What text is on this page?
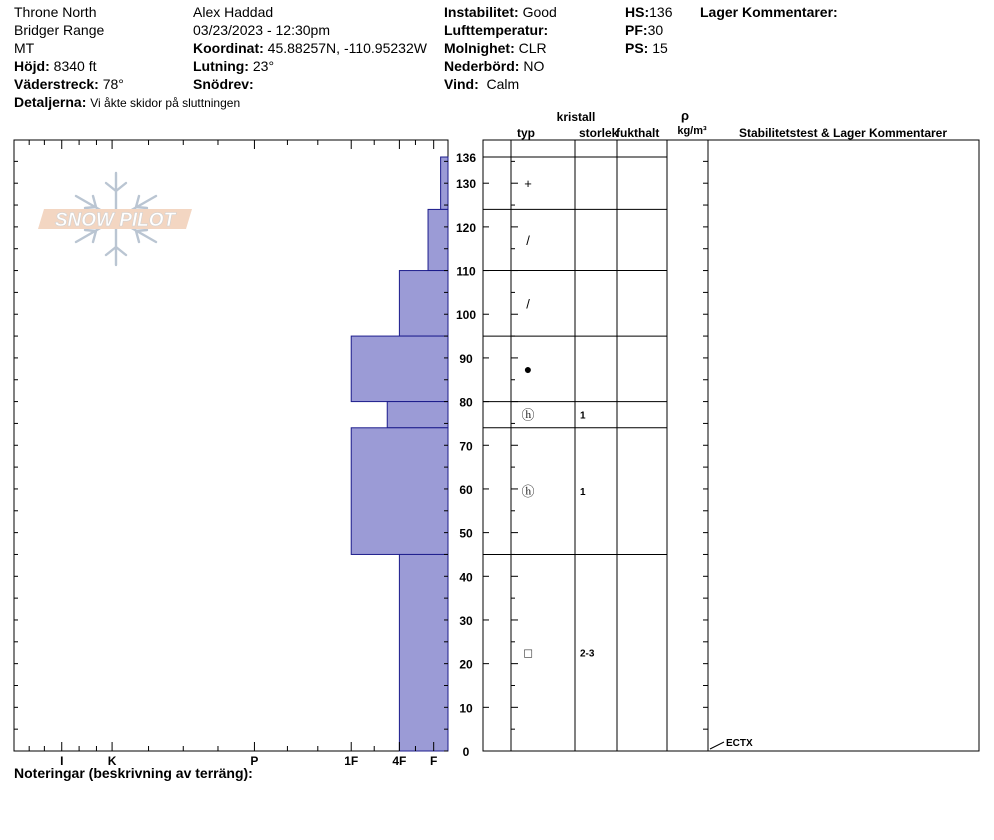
Throne North
Bridger Range
MT
Höjd: 8340 ft
Väderstreck: 78°
Detaljerna: Vi åkte skidor på sluttningen
Alex Haddad
03/23/2023 - 12:30pm
Koordinat: 45.88257N, -110.95232W
Lutning: 23°
Snödrev:
Instabilitet: Good
Lufttemperatur:
Molnighet: CLR
Nederbörd: NO
Vind: Calm
HS:136
PF:30
PS: 15
Lager Kommentarer:
SNOW PILOT
I	K	P	1F	4F F
0
10
20
30
40
50
60
70
80
90
100
110
120
130
136
+
/
/
●
ⓗ	1
ⓗ	1
□	2-3
ECTX
kristall
typ	storlek
fukthalt
ρ
kg/m³	Stabilitetstest & Lager Kommentarer
Noteringar (beskrivning av terräng):
